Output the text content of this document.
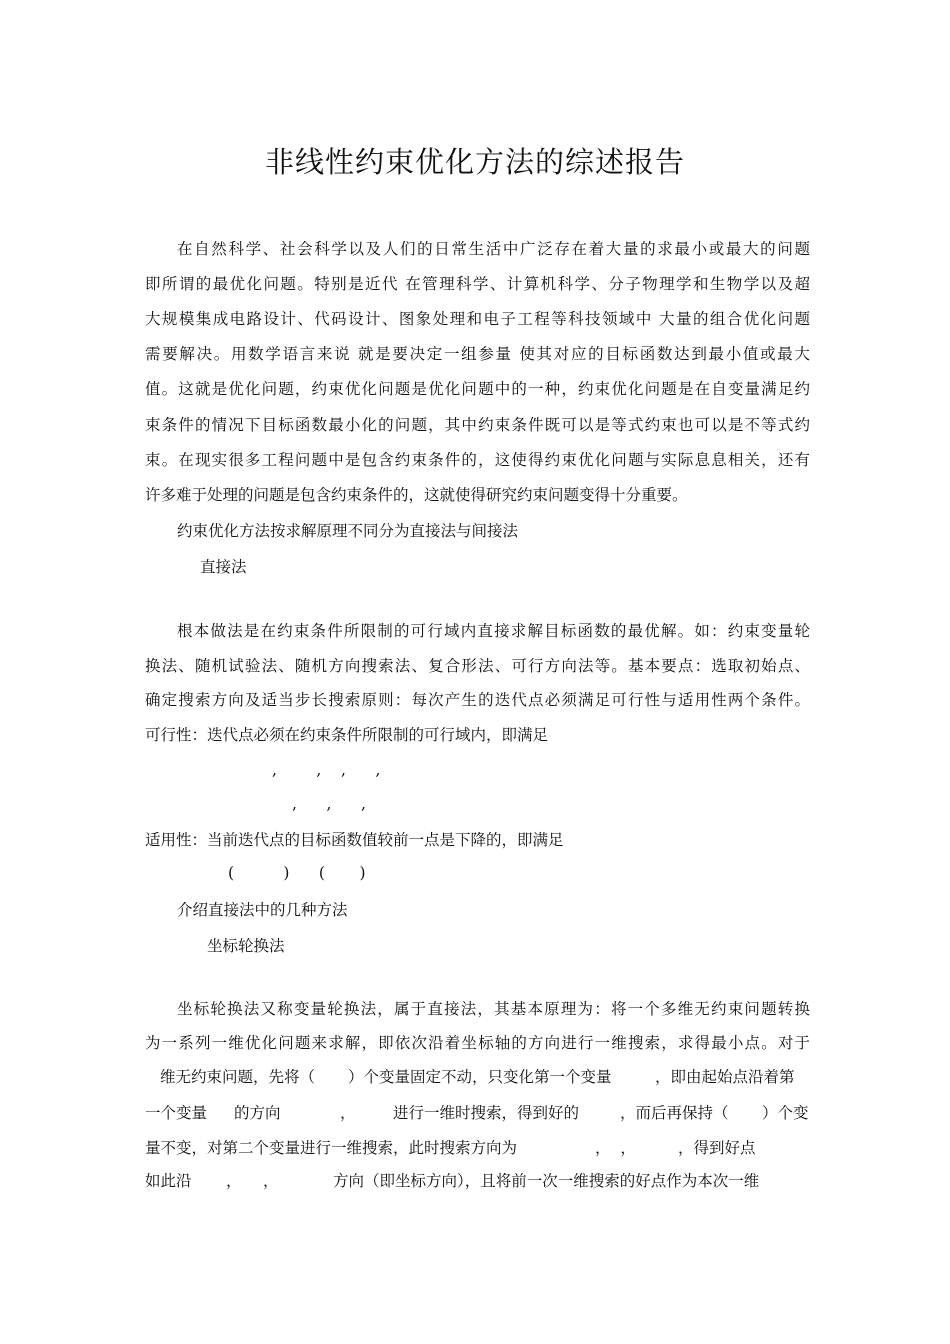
非线性约束优化方法的综述报告
在自然科学、社会科学以及人们的日常生活中广泛存在着大量的求最小或最大的问题
即所谓的最优化问题。特别是近代 在管理科学、计算机科学、分子物理学和生物学以及超
大规模集成电路设计、代码设计、图象处理和电子工程等科技领域中 大量的组合优化问题
需要解决。用数学语言来说 就是要决定一组参量 使其对应的目标函数达到最小值或最大
值。这就是优化问题，约束优化问题是优化问题中的一种，约束优化问题是在自变量满足约
束条件的情况下目标函数最小化的问题，其中约束条件既可以是等式约束也可以是不等式约
束。在现实很多工程问题中是包含约束条件的，这使得约束优化问题与实际息息相关，还有
许多难于处理的问题是包含约束条件的，这就使得研究约束问题变得十分重要。
约束优化方法按求解原理不同分为直接法与间接法
直接法
根本做法是在约束条件所限制的可行域内直接求解目标函数的最优解。如：约束变量轮
换法、随机试验法、随机方向搜索法、复合形法、可行方向法等。基本要点：选取初始点、
确定搜索方向及适当步长搜索原则：每次产生的迭代点必须满足可行性与适用性两个条件。
可行性：迭代点必须在约束条件所限制的可行域内，即满足
,        ,    ,      ,
,      ,      ,
适用性：当前迭代点的目标函数值较前一点是下降的，即满足
(          )      (       )
介绍直接法中的几种方法
坐标轮换法
坐标轮换法又称变量轮换法，属于直接法，其基本原理为：将一个多维无约束问题转换
为一系列一维优化问题来求解，即依次沿着坐标轴的方向进行一维搜索，求得最小点。对于
维无约束问题，先将（ ）个变量固定不动，只变化第一个变量	，即由起始点沿着第
一个变量 的方向	， 进行一维时搜索，得到好的	，而后再保持（ ）个变
量不变，对第二个变量进行一维搜索，此时搜索方向为	，  ，	，得到好点
如此沿 ， ，	方向（即坐标方向），且将前一次一维搜索的好点作为本次一维
